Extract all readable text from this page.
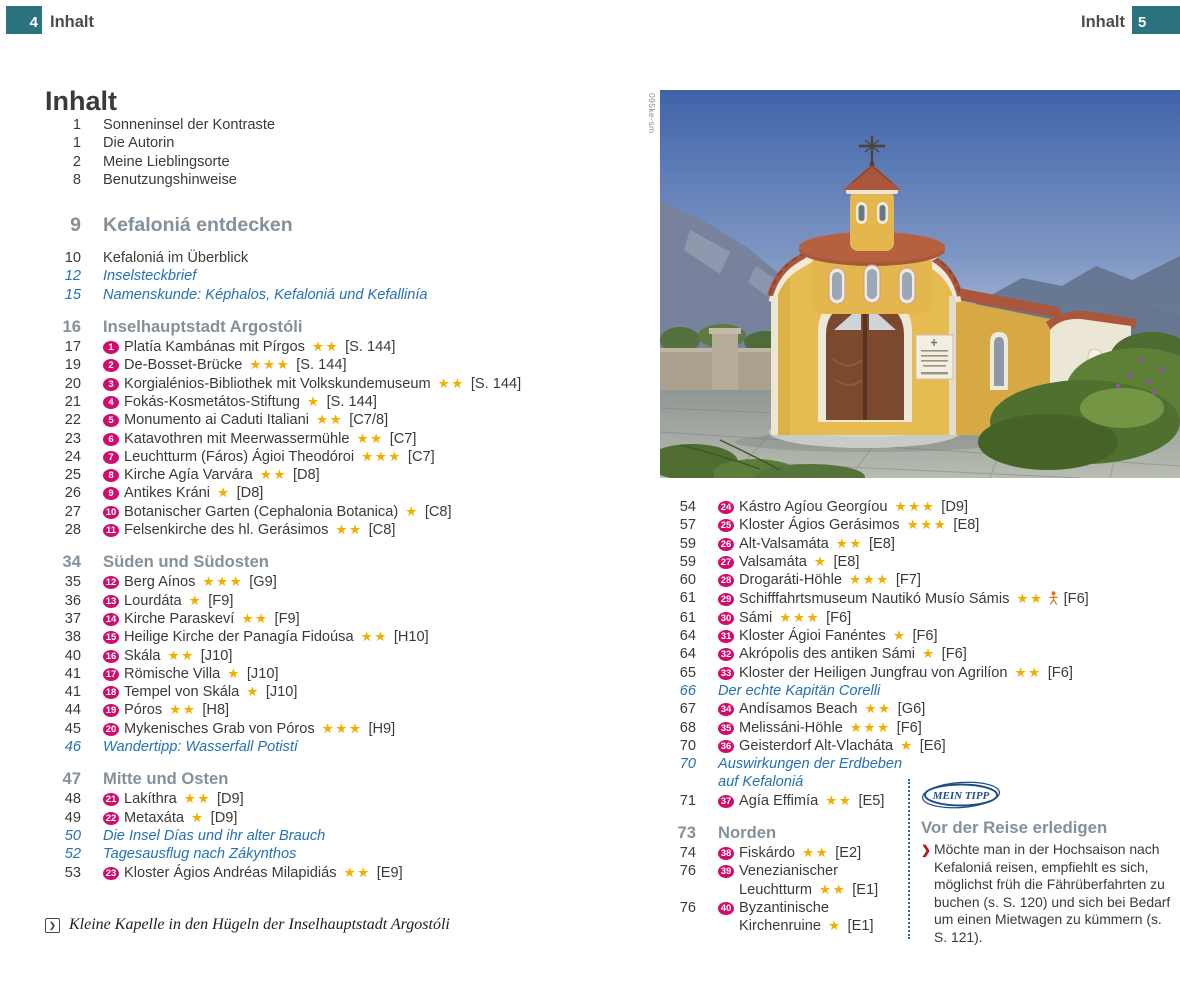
4 Inhalt	Inhalt 5
Inhalt
1 Sonneninsel der Kontraste
1 Die Autorin
2 Meine Lieblingsorte
8 Benutzungshinweise
9 Kefaloniá entdecken
10 Kefaloniá im Überblick
12 Inselsteckbrief
15 Namenskunde: Képhalos, Kefaloniá und Kefallinía
16 Inselhauptstadt Argostóli
17	1 Platía Kambánas mit Pírgos ★★ [S. 144]
19	2 De-Bosset-Brücke ★★★ [S. 144]
20	3 Korgialénios-Bibliothek mit Volkskundemuseum ★★ [S. 144]
21	4 Fokás-Kosmetátos-Stiftung ★ [S. 144]
22	5 Monumento ai Caduti Italiani ★★ [C7/8]
23	6 Katavothren mit Meerwassermühle ★★ [C7]
24	7 Leuchtturm (Fáros) Ágioi Theodóroi ★★★ [C7]
25	8 Kirche Agía Varvára ★★ [D8]
26	9 Antikes Kráni ★ [D8]
27	10 Botanischer Garten (Cephalonia Botanica) ★ [C8]
28	11 Felsenkirche des hl. Gerásimos ★★ [C8]
34 Süden und Südosten
35	12 Berg Aínos ★★★ [G9]
36	13 Lourdáta ★ [F9]
37	14 Kirche Paraskeví ★★ [F9]
38	15 Heilige Kirche der Panagía Fidoúsa ★★ [H10]
40	16 Skála ★★ [J10]
41	17 Römische Villa ★ [J10]
41	18 Tempel von Skála ★ [J10]
44	19 Póros ★★ [H8]
45	20 Mykenisches Grab von Póros ★★★ [H9]
46 Wandertipp: Wasserfall Potistí
47 Mitte und Osten
48	21 Lakíthra ★★ [D9]
49	22 Metaxáta ★ [D9]
50 Die Insel Días und ihr alter Brauch
52 Tagesausflug nach Zákynthos
53	23 Kloster Ágios Andréas Milapidiás ★★ [E9]
095ke-sm
54	24 Kástro Agíou Georgíou ★★★ [D9]
57	25 Kloster Ágios Gerásimos ★★★ [E8]
59	26 Alt-Valsamáta ★★ [E8]
59	27 Valsamáta ★ [E8]
60	28 Drogaráti-Höhle ★★★ [F7]
61	29 Schifffahrtsmuseum Nautikó Musío Sámis ★★ [F6]
61	30 Sámi ★★★ [F6]
64	31 Kloster Ágioi Fanéntes ★ [F6]
64	32 Akrópolis des antiken Sámi ★ [F6]
65	33 Kloster der Heiligen Jungfrau von Agrilíon ★★ [F6]
66 Der echte Kapitän Corelli
67	34 Andísamos Beach ★★ [G6]
68	35 Melissáni-Höhle ★★★ [F6]
70	36 Geisterdorf Alt-Vlacháta ★ [E6]
70 Auswirkungen der Erdbeben
auf Kefaloniá
71	37 Agía Effimía ★★ [E5]
73 Norden
74	38 Fiskárdo ★★ [E2]
76	39 Venezianischer
Leuchtturm ★★ [E1]
76	40 Byzantinische
Kirchenruine ★ [E1]
MEIN TIPP
Vor der Reise erledigen
❯ Möchte man in der Hochsaison nach Kefaloniá reisen, empfiehlt es sich, möglichst früh die Fährüberfahrten zu buchen (s. S. 120) und sich bei Bedarf um einen Mietwagen zu kümmern (s. S. 121).
❯ Kleine Kapelle in den Hügeln der Inselhauptstadt Argostóli
